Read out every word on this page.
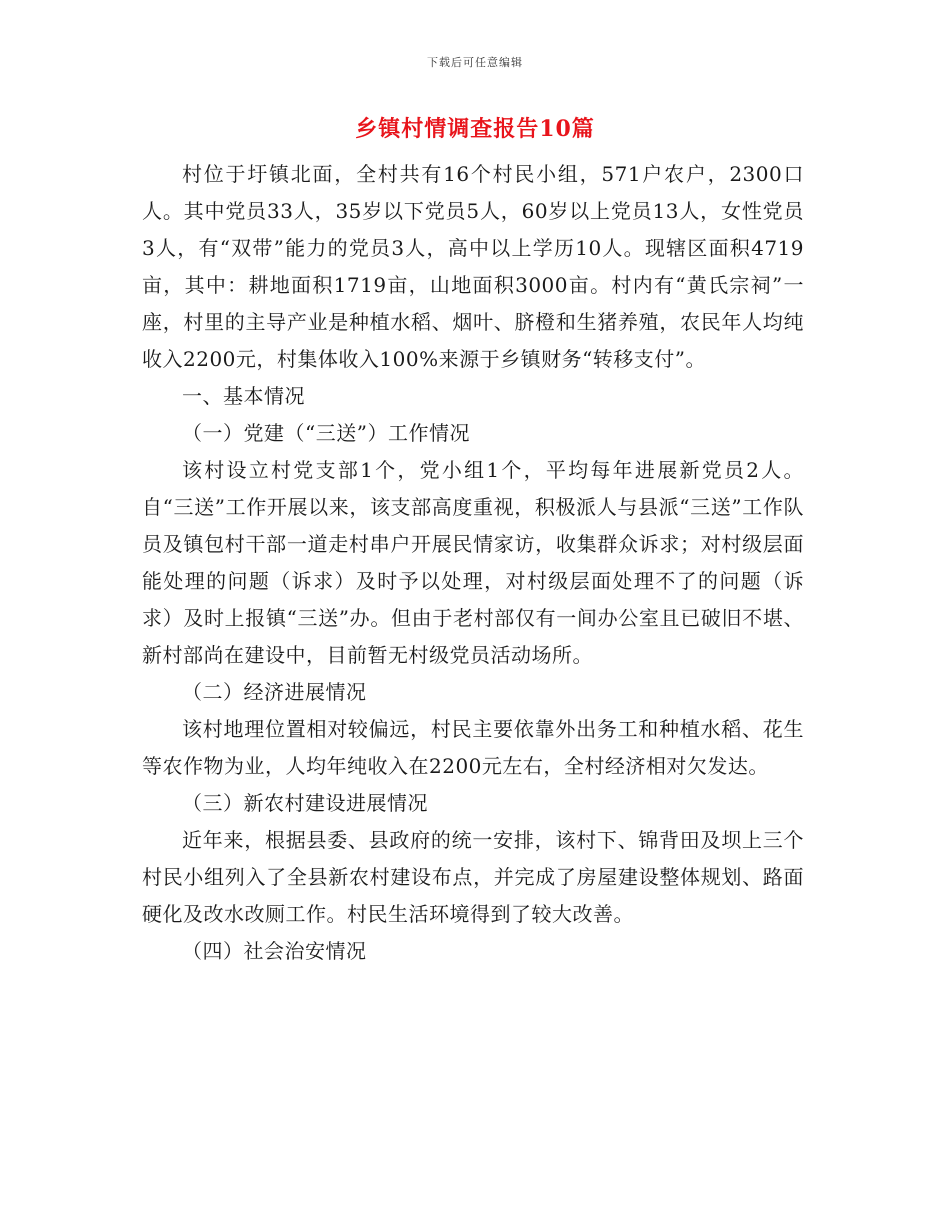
下载后可任意编辑
乡镇村情调查报告10篇

村位于圩镇北面，全村共有16个村民小组，571户农户，2300口人。其中党员33人，35岁以下党员5人，60岁以上党员13人，女性党员3人，有“双带”能力的党员3人，高中以上学历10人。现辖区面积4719亩，其中：耕地面积1719亩，山地面积3000亩。村内有“黄氏宗祠”一座，村里的主导产业是种植水稻、烟叶、脐橙和生猪养殖，农民年人均纯收入2200元，村集体收入100%来源于乡镇财务“转移支付”。

一、基本情况

（一）党建（“三送”）工作情况

该村设立村党支部1个，党小组1个，平均每年进展新党员2人。自“三送”工作开展以来，该支部高度重视，积极派人与县派“三送”工作队员及镇包村干部一道走村串户开展民情家访，收集群众诉求；对村级层面能处理的问题（诉求）及时予以处理，对村级层面处理不了的问题（诉求）及时上报镇“三送”办。但由于老村部仅有一间办公室且已破旧不堪、新村部尚在建设中，目前暂无村级党员活动场所。

（二）经济进展情况

该村地理位置相对较偏远，村民主要依靠外出务工和种植水稻、花生等农作物为业，人均年纯收入在2200元左右，全村经济相对欠发达。

（三）新农村建设进展情况

近年来，根据县委、县政府的统一安排，该村下、锦背田及坝上三个村民小组列入了全县新农村建设布点，并完成了房屋建设整体规划、路面硬化及改水改厕工作。村民生活环境得到了较大改善。

（四）社会治安情况
